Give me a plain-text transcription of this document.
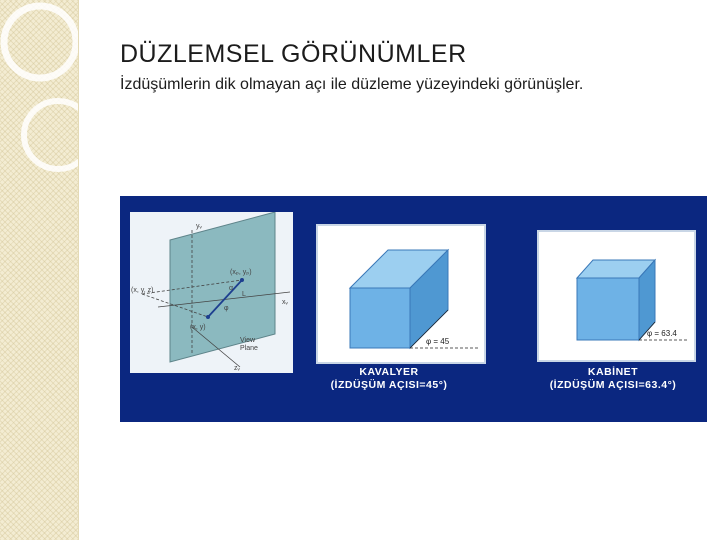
DÜZLEMSEL GÖRÜNÜMLER
İzdüşümlerin dik olmayan açı ile düzleme yüzeyindeki görünüşler.
yᵥ
xᵥ
zᵥ
(x, y, z)
(xₚ, yₚ)
(x, y)
α
L
φ
View
Plane
φ = 45
φ = 63.4
KAVALYER
(İZDÜŞÜM AÇISI=45°)
KABİNET
(İZDÜŞÜM AÇISI=63.4°)
